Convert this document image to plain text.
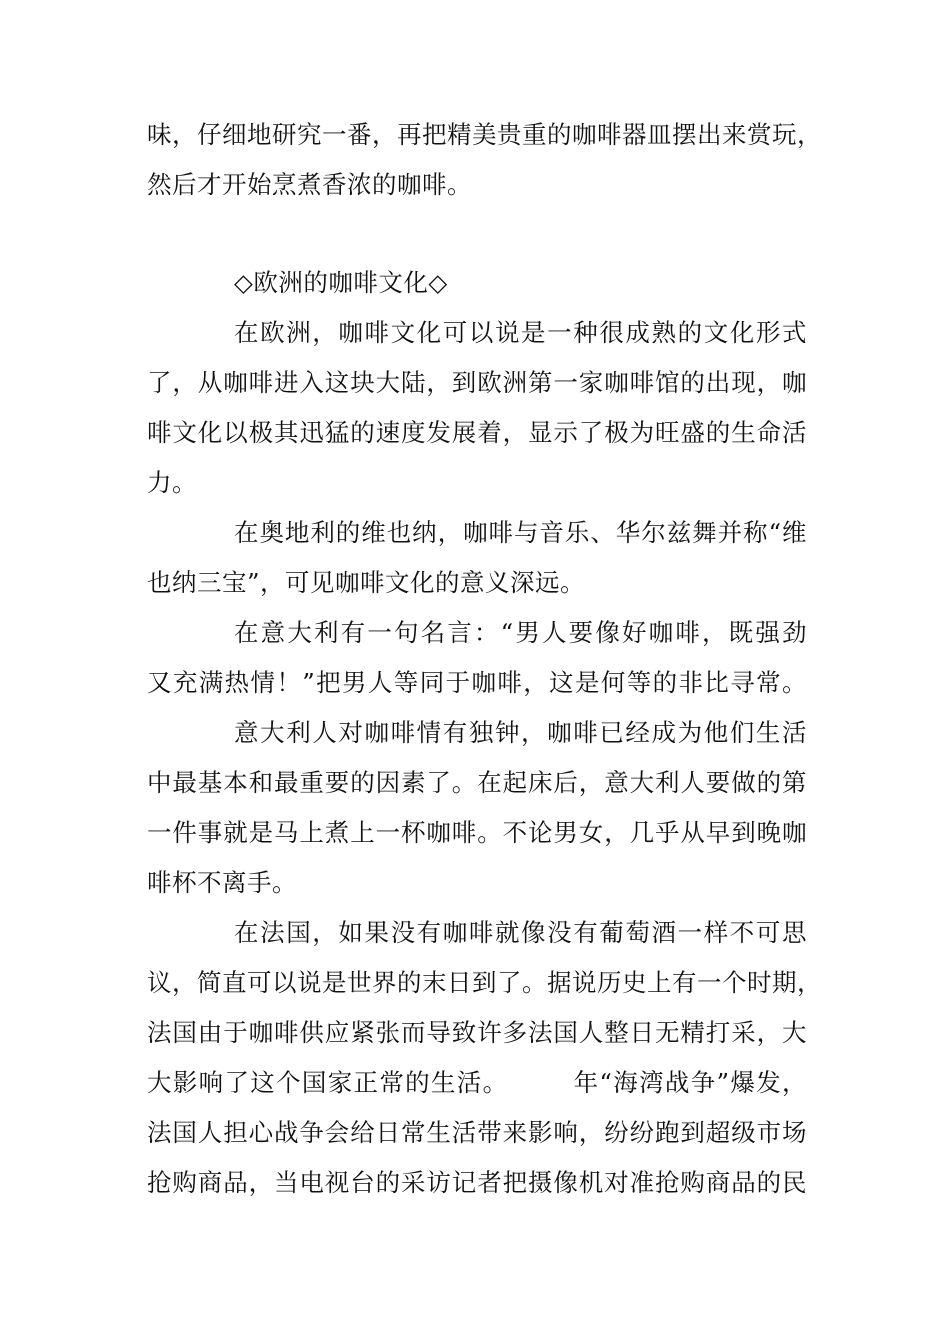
味，仔细地研究一番，再把精美贵重的咖啡器皿摆出来赏玩，
然后才开始烹煮香浓的咖啡。
◇欧洲的咖啡文化◇
在欧洲，咖啡文化可以说是一种很成熟的文化形式
了，从咖啡进入这块大陆，到欧洲第一家咖啡馆的出现，咖
啡文化以极其迅猛的速度发展着，显示了极为旺盛的生命活
力。
在奥地利的维也纳，咖啡与音乐、华尔兹舞并称“维
也纳三宝”，可见咖啡文化的意义深远。
在意大利有一句名言：“男人要像好咖啡，既强劲
又充满热情！”把男人等同于咖啡，这是何等的非比寻常。
意大利人对咖啡情有独钟，咖啡已经成为他们生活
中最基本和最重要的因素了。在起床后，意大利人要做的第
一件事就是马上煮上一杯咖啡。不论男女，几乎从早到晚咖
啡杯不离手。
在法国，如果没有咖啡就像没有葡萄酒一样不可思
议，简直可以说是世界的末日到了。据说历史上有一个时期，
法国由于咖啡供应紧张而导致许多法国人整日无精打采，大
大影响了这个国家正常的生活。　　　年“海湾战争”爆发，
法国人担心战争会给日常生活带来影响，纷纷跑到超级市场
抢购商品，当电视台的采访记者把摄像机对准抢购商品的民
